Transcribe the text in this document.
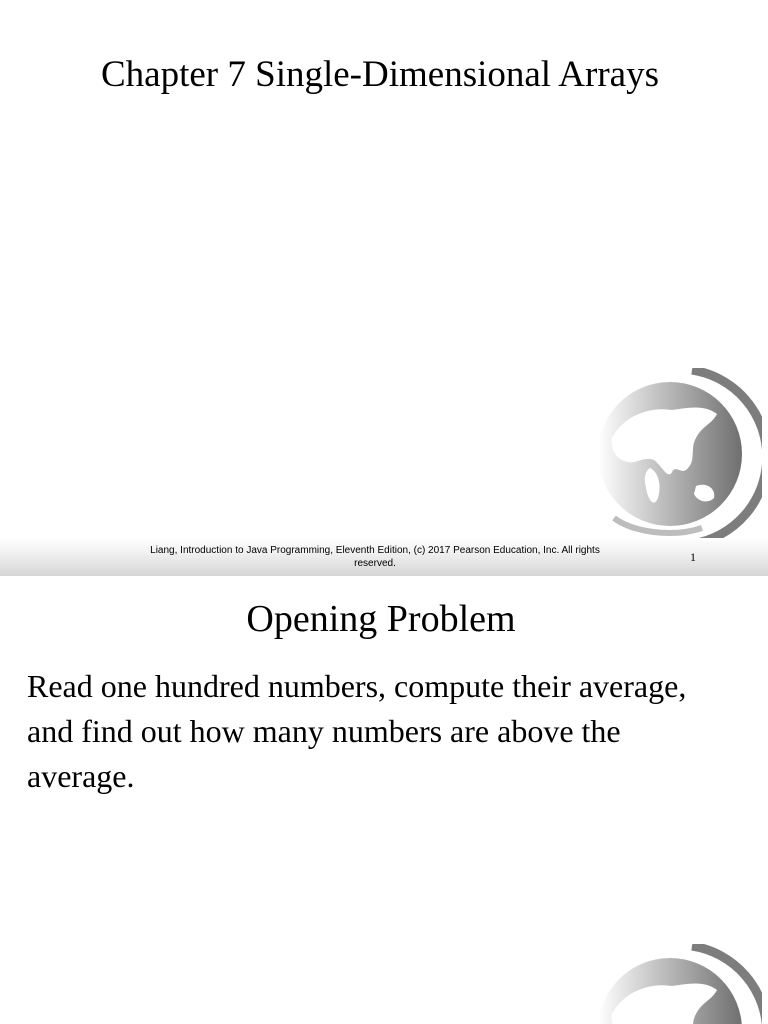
Chapter 7 Single-Dimensional Arrays
Liang, Introduction to Java Programming, Eleventh Edition, (c) 2017 Pearson Education, Inc. All rights reserved.	1
Opening Problem

Read one hundred numbers, compute their average, and find out how many numbers are above the average.
